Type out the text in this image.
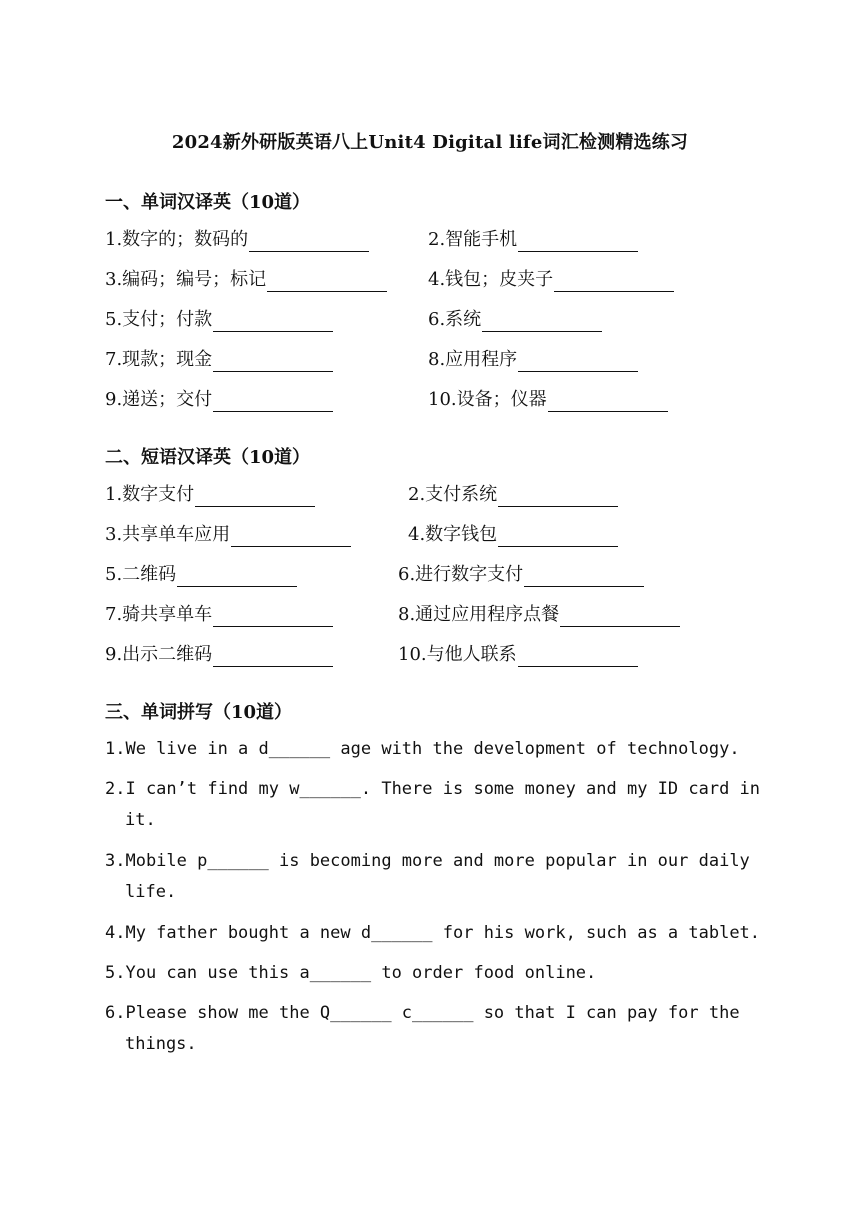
2024新外研版英语八上Unit4 Digital life词汇检测精选练习
一、单词汉译英（10道）
1.数字的；数码的	2.智能手机
3.编码；编号；标记	4.钱包；皮夹子
5.支付；付款	6.系统
7.现款；现金	8.应用程序
9.递送；交付	10.设备；仪器
二、短语汉译英（10道）
1.数字支付	2.支付系统
3.共享单车应用	4.数字钱包
5.二维码	6.进行数字支付
7.骑共享单车	8.通过应用程序点餐
9.出示二维码	10.与他人联系
三、单词拼写（10道）
1.We live in a d______ age with the development of technology.
2.I can’t find my w______. There is some money and my ID card in
it.
3.Mobile p______ is becoming more and more popular in our daily
life.
4.My father bought a new d______ for his work, such as a tablet.
5.You can use this a______ to order food online.
6.Please show me the Q______ c______ so that I can pay for the
things.
